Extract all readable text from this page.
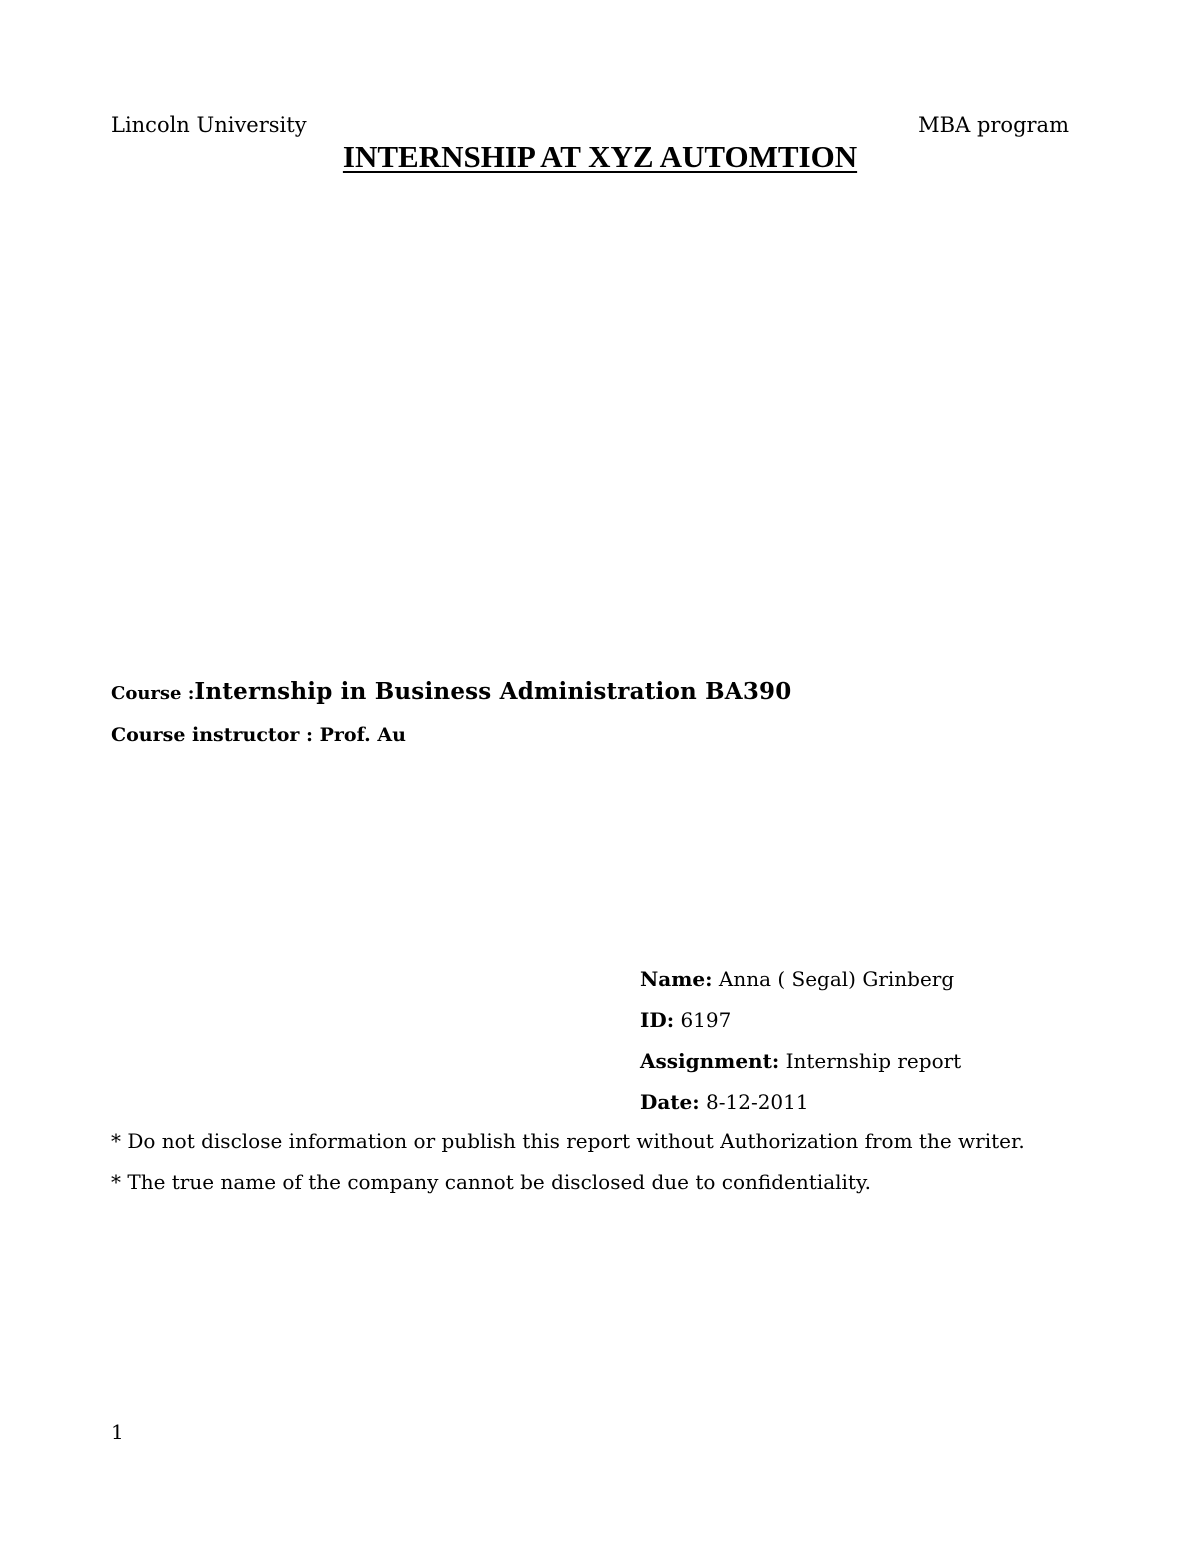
Lincoln University	MBA program
INTERNSHIP AT XYZ AUTOMTION
Course :Internship in Business Administration BA390
Course instructor : Prof. Au
Name: Anna ( Segal) Grinberg
ID: 6197
Assignment: Internship report
Date: 8-12-2011
* Do not disclose information or publish this report without Authorization from the writer.
* The true name of the company cannot be disclosed due to confidentiality.
1
